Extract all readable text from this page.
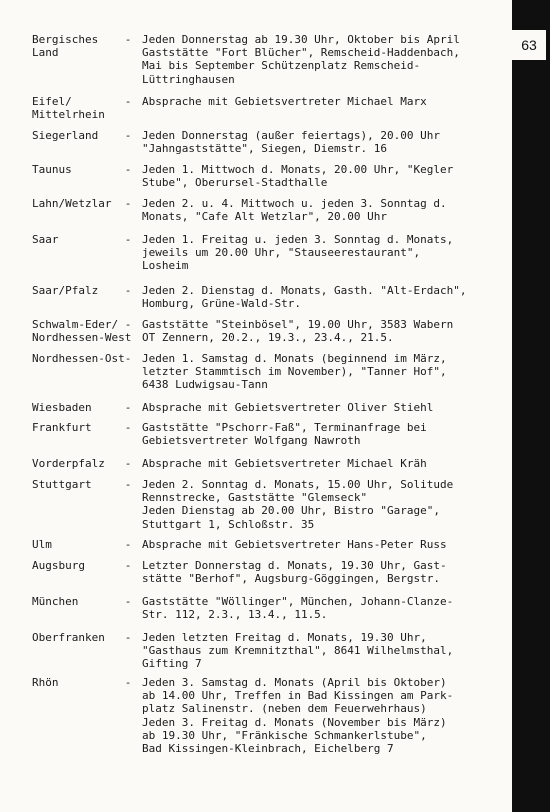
63
Bergisches
Land
- Jeden Donnerstag ab 19.30 Uhr, Oktober bis April
Gaststätte "Fort Blücher", Remscheid-Haddenbach,
Mai bis September Schützenplatz Remscheid-
Lüttringhausen
Eifel/
Mittelrhein
- Absprache mit Gebietsvertreter Michael Marx
Siegerland	- Jeden Donnerstag (außer feiertags), 20.00 Uhr
"Jahngaststätte", Siegen, Diemstr. 16
Taunus	- Jeden 1. Mittwoch d. Monats, 20.00 Uhr, "Kegler
Stube", Oberursel-Stadthalle
Lahn/Wetzlar	- Jeden 2. u. 4. Mittwoch u. jeden 3. Sonntag d.
Monats, "Cafe Alt Wetzlar", 20.00 Uhr
Saar	- Jeden 1. Freitag u. jeden 3. Sonntag d. Monats,
jeweils um 20.00 Uhr, "Stauseerestaurant",
Losheim
Saar/Pfalz	- Jeden 2. Dienstag d. Monats, Gasth. "Alt-Erdach",
Homburg, Grüne-Wald-Str.
Schwalm-Eder/
Nordhessen-West
- Gaststätte "Steinbösel", 19.00 Uhr, 3583 Wabern
OT Zennern, 20.2., 19.3., 23.4., 21.5.
Nordhessen-Ost - Jeden 1. Samstag d. Monats (beginnend im März,
letzter Stammtisch im November), "Tanner Hof",
6438 Ludwigsau-Tann
Wiesbaden	- Absprache mit Gebietsvertreter Oliver Stiehl
Frankfurt	- Gaststätte "Pschorr-Faß", Terminanfrage bei
Gebietsvertreter Wolfgang Nawroth
Vorderpfalz	- Absprache mit Gebietsvertreter Michael Kräh
Stuttgart	- Jeden 2. Sonntag d. Monats, 15.00 Uhr, Solitude
Rennstrecke, Gaststätte "Glemseck"
Jeden Dienstag ab 20.00 Uhr, Bistro "Garage",
Stuttgart 1, Schloßstr. 35
Ulm	- Absprache mit Gebietsvertreter Hans-Peter Russ
Augsburg	- Letzter Donnerstag d. Monats, 19.30 Uhr, Gast-
stätte "Berhof", Augsburg-Göggingen, Bergstr.
München	- Gaststätte "Wöllinger", München, Johann-Clanze-
Str. 112, 2.3., 13.4., 11.5.
Oberfranken	- Jeden letzten Freitag d. Monats, 19.30 Uhr,
"Gasthaus zum Kremnitzthal", 8641 Wilhelmsthal,
Gifting 7
Rhön	- Jeden 3. Samstag d. Monats (April bis Oktober)
ab 14.00 Uhr, Treffen in Bad Kissingen am Park-
platz Salinenstr. (neben dem Feuerwehrhaus)
Jeden 3. Freitag d. Monats (November bis März)
ab 19.30 Uhr, "Fränkische Schmankerlstube",
Bad Kissingen-Kleinbrach, Eichelberg 7
